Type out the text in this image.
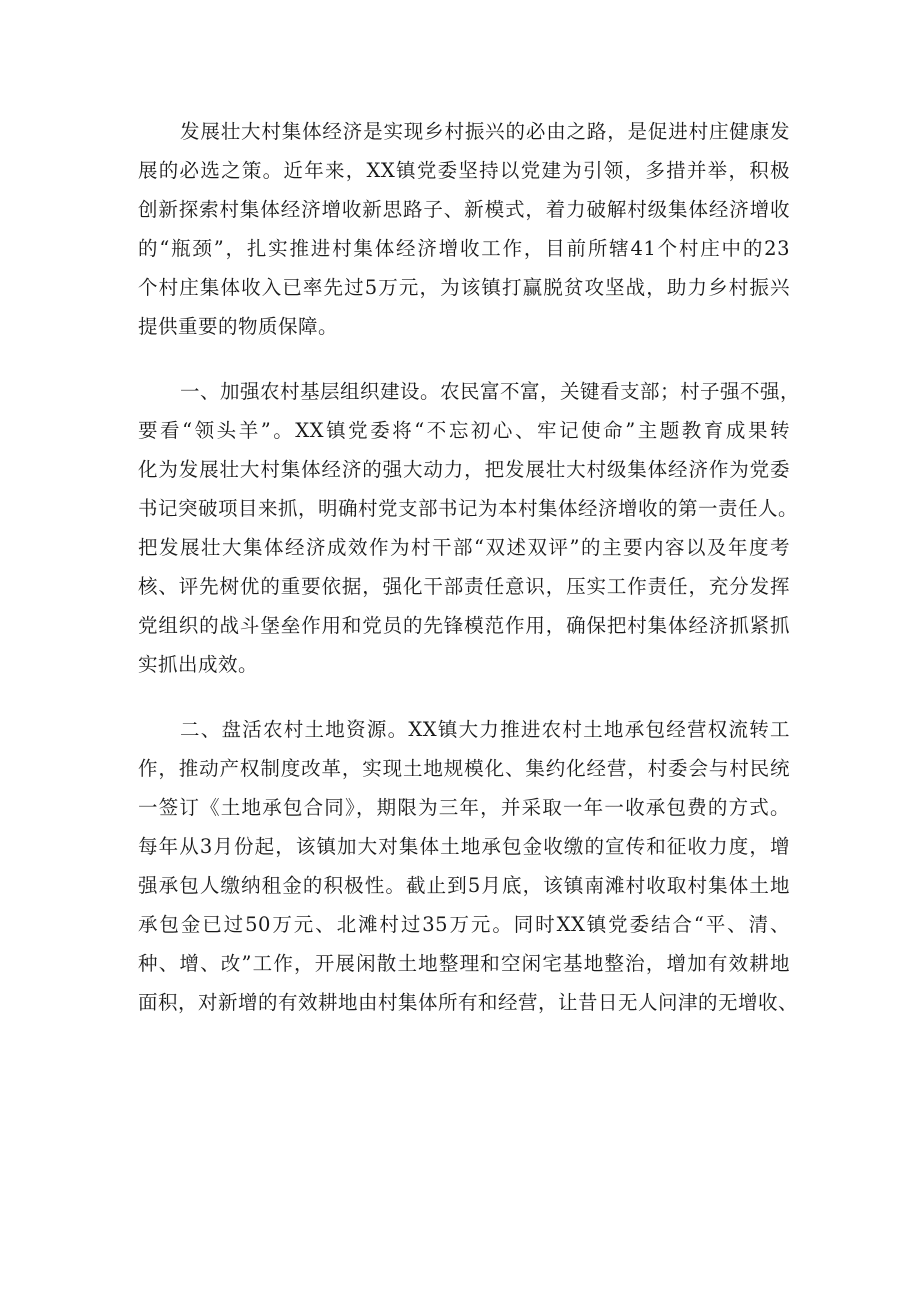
发展壮大村集体经济是实现乡村振兴的必由之路，是促进村庄健康发
展的必选之策。近年来，XX镇党委坚持以党建为引领，多措并举，积极
创新探索村集体经济增收新思路子、新模式，着力破解村级集体经济增收
的“瓶颈”，扎实推进村集体经济增收工作，目前所辖41个村庄中的23
个村庄集体收入已率先过5万元，为该镇打赢脱贫攻坚战，助力乡村振兴
提供重要的物质保障。
一、加强农村基层组织建设。农民富不富，关键看支部；村子强不强，
要看“领头羊”。XX镇党委将“不忘初心、牢记使命”主题教育成果转
化为发展壮大村集体经济的强大动力，把发展壮大村级集体经济作为党委
书记突破项目来抓，明确村党支部书记为本村集体经济增收的第一责任人。
把发展壮大集体经济成效作为村干部“双述双评”的主要内容以及年度考
核、评先树优的重要依据，强化干部责任意识，压实工作责任，充分发挥
党组织的战斗堡垒作用和党员的先锋模范作用，确保把村集体经济抓紧抓
实抓出成效。
二、盘活农村土地资源。XX镇大力推进农村土地承包经营权流转工
作，推动产权制度改革，实现土地规模化、集约化经营，村委会与村民统
一签订《土地承包合同》，期限为三年，并采取一年一收承包费的方式。
每年从3月份起，该镇加大对集体土地承包金收缴的宣传和征收力度，增
强承包人缴纳租金的积极性。截止到5月底，该镇南滩村收取村集体土地
承包金已过50万元、北滩村过35万元。同时XX镇党委结合“平、清、
种、增、改”工作，开展闲散土地整理和空闲宅基地整治，增加有效耕地
面积，对新增的有效耕地由村集体所有和经营，让昔日无人问津的无增收、
